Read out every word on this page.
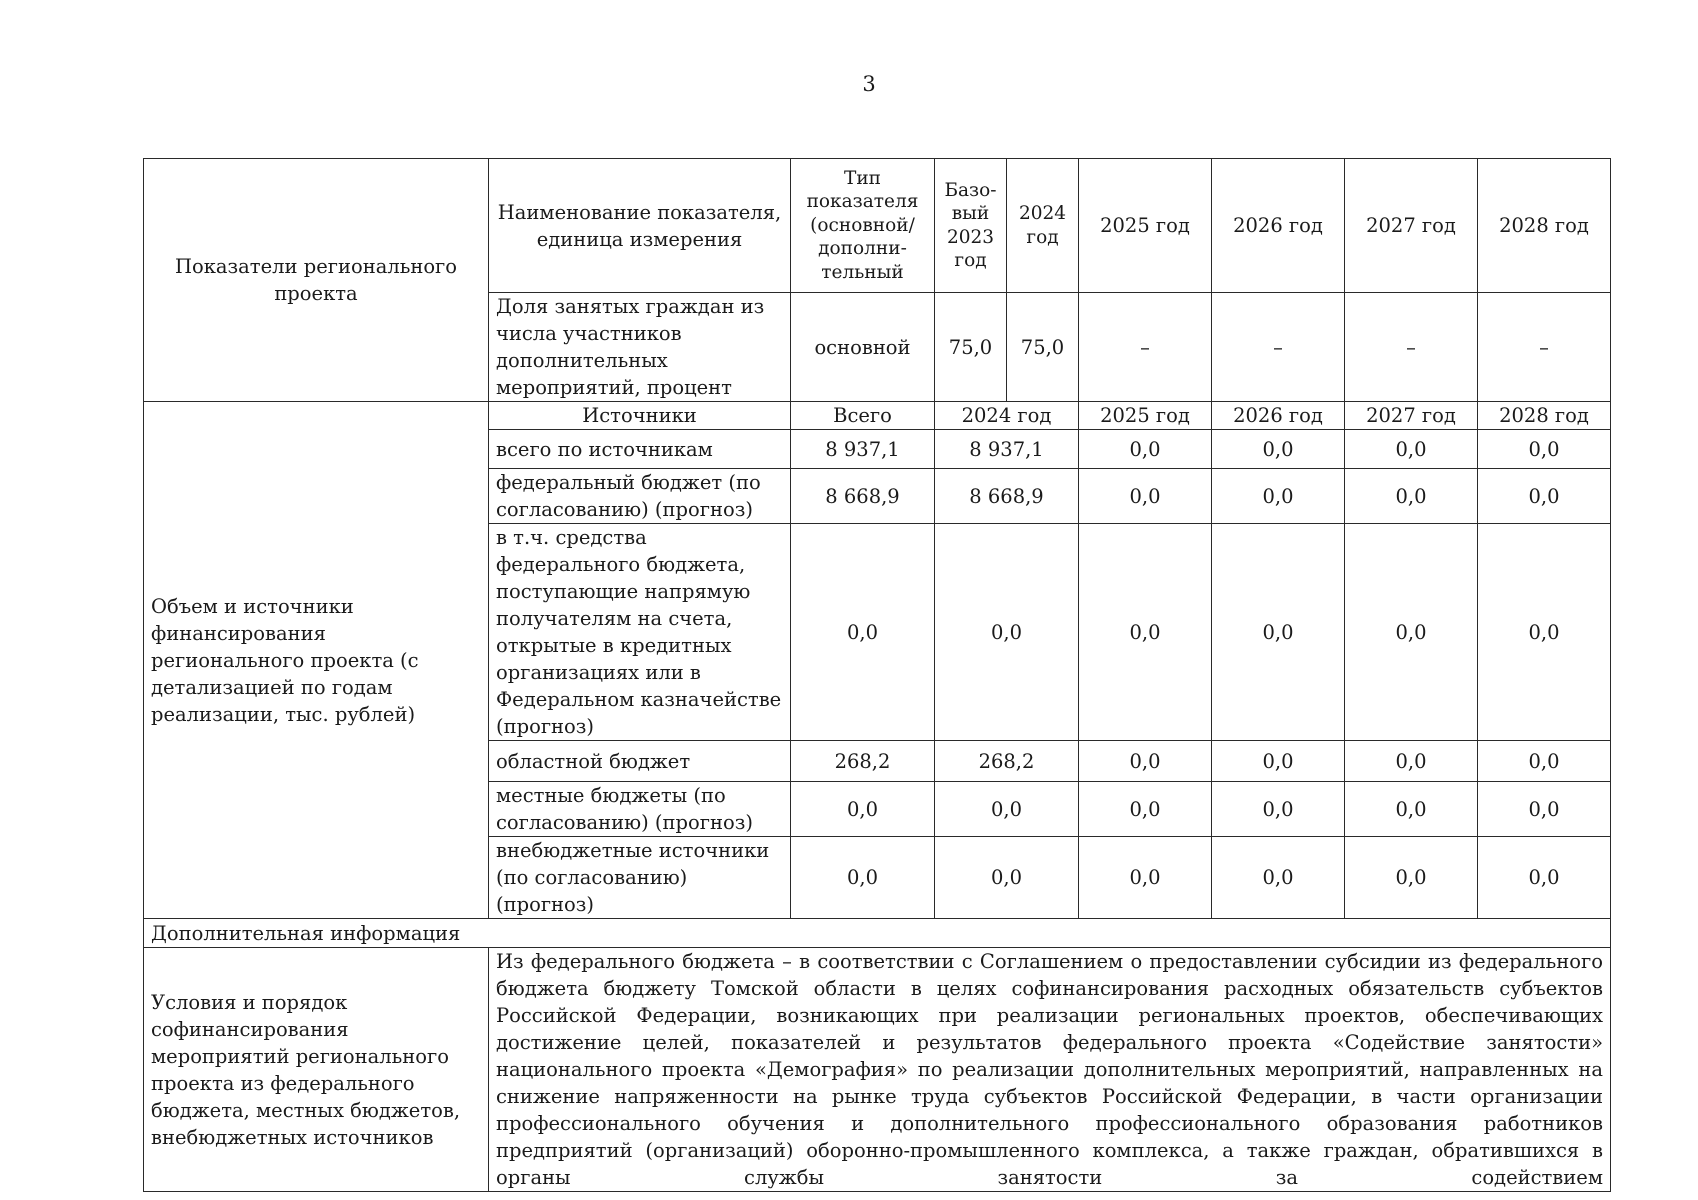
3
Показатели регионального проекта	Наименование показателя, единица измерения	Тип показателя (основной/ дополни-тельный	Базо-вый 2023 год	2024 год	2025 год	2026 год	2027 год	2028 год
	Доля занятых граждан из числа участников дополнительных мероприятий, процент	основной	75,0	75,0	–	–	–	–
Объем и источники финансирования регионального проекта (с детализацией по годам реализации, тыс. рублей)	Источники	Всего	2024 год		2025 год	2026 год	2027 год	2028 год
	всего по источникам	8 937,1	8 937,1		0,0	0,0	0,0	0,0
	федеральный бюджет (по согласованию) (прогноз)	8 668,9	8 668,9		0,0	0,0	0,0	0,0
	в т.ч. средства федерального бюджета, поступающие напрямую получателям на счета, открытые в кредитных организациях или в Федеральном казначействе (прогноз)	0,0	0,0		0,0	0,0	0,0	0,0
	областной бюджет	268,2	268,2		0,0	0,0	0,0	0,0
	местные бюджеты (по согласованию) (прогноз)	0,0	0,0		0,0	0,0	0,0	0,0
	внебюджетные источники (по согласованию) (прогноз)	0,0	0,0		0,0	0,0	0,0	0,0
Дополнительная информация								
Условия и порядок софинансирования мероприятий регионального проекта из федерального бюджета, местных бюджетов, внебюджетных источников	Из федерального бюджета – в соответствии с Соглашением о предоставлении субсидии из федерального бюджета бюджету Томской области в целях софинансирования расходных обязательств субъектов Российской Федерации, возникающих при реализации региональных проектов, обеспечивающих достижение целей, показателей и результатов федерального проекта «Содействие занятости» национального проекта «Демография» по реализации дополнительных мероприятий, направленных на снижение напряженности на рынке труда субъектов Российской Федерации, в части организации профессионального обучения и дополнительного профессионального образования работников предприятий (организаций) оборонно-промышленного комплекса, а также граждан, обратившихся в органы службы занятости за содействием							
